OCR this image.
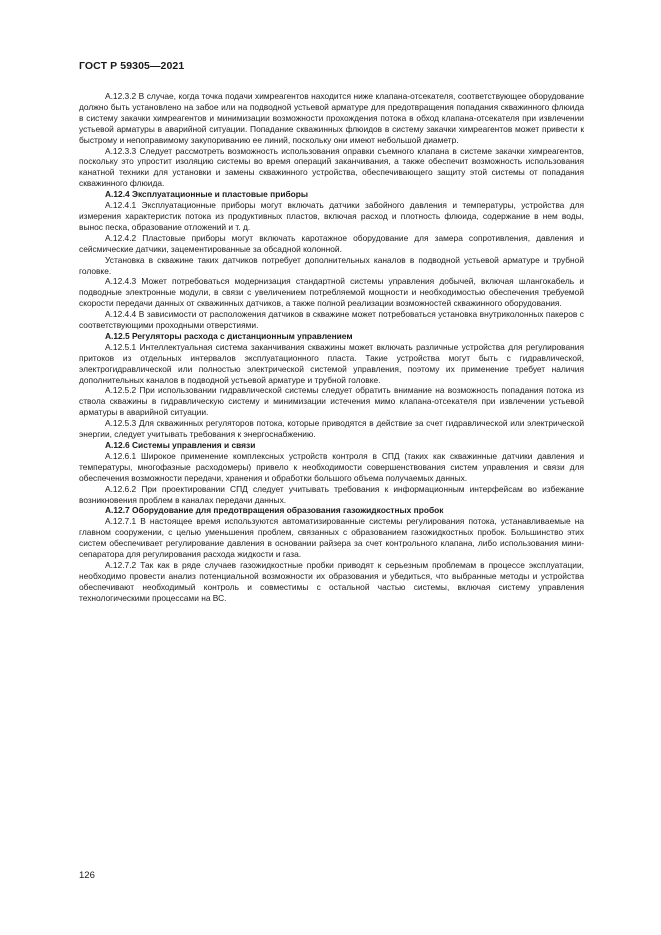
ГОСТ Р 59305—2021

А.12.3.2 В случае, когда точка подачи химреагентов находится ниже клапана-отсекателя, соответствующее оборудование должно быть установлено на забое или на подводной устьевой арматуре для предотвращения попадания скважинного флюида в систему закачки химреагентов и минимизации возможности прохождения потока в обход клапана-отсекателя при извлечении устьевой арматуры в аварийной ситуации. Попадание скважинных флюидов в систему закачки химреагентов может привести к быстрому и непоправимому закупориванию ее линий, поскольку они имеют небольшой диаметр.

А.12.3.3 Следует рассмотреть возможность использования оправки съемного клапана в системе закачки химреагентов, поскольку это упростит изоляцию системы во время операций заканчивания, а также обеспечит возможность использования канатной техники для установки и замены скважинного устройства, обеспечивающего защиту этой системы от попадания скважинного флюида.

А.12.4 Эксплуатационные и пластовые приборы

А.12.4.1 Эксплуатационные приборы могут включать датчики забойного давления и температуры, устройства для измерения характеристик потока из продуктивных пластов, включая расход и плотность флюида, содержание в нем воды, вынос песка, образование отложений и т. д.

А.12.4.2 Пластовые приборы могут включать каротажное оборудование для замера сопротивления, давления и сейсмические датчики, зацементированные за обсадной колонной.

Установка в скважине таких датчиков потребует дополнительных каналов в подводной устьевой арматуре и трубной головке.

А.12.4.3 Может потребоваться модернизация стандартной системы управления добычей, включая шлангокабель и подводные электронные модули, в связи с увеличением потребляемой мощности и необходимостью обеспечения требуемой скорости передачи данных от скважинных датчиков, а также полной реализации возможностей скважинного оборудования.

А.12.4.4 В зависимости от расположения датчиков в скважине может потребоваться установка внутриколонных пакеров с соответствующими проходными отверстиями.

А.12.5 Регуляторы расхода с дистанционным управлением

А.12.5.1 Интеллектуальная система заканчивания скважины может включать различные устройства для регулирования притоков из отдельных интервалов эксплуатационного пласта. Такие устройства могут быть с гидравлической, электрогидравлической или полностью электрической системой управления, поэтому их применение требует наличия дополнительных каналов в подводной устьевой арматуре и трубной головке.

А.12.5.2 При использовании гидравлической системы следует обратить внимание на возможность попадания потока из ствола скважины в гидравлическую систему и минимизации истечения мимо клапана-отсекателя при извлечении устьевой арматуры в аварийной ситуации.

А.12.5.3 Для скважинных регуляторов потока, которые приводятся в действие за счет гидравлической или электрической энергии, следует учитывать требования к энергоснабжению.

А.12.6 Системы управления и связи

А.12.6.1 Широкое применение комплексных устройств контроля в СПД (таких как скважинные датчики давления и температуры, многофазные расходомеры) привело к необходимости совершенствования систем управления и связи для обеспечения возможности передачи, хранения и обработки большого объема получаемых данных.

А.12.6.2 При проектировании СПД следует учитывать требования к информационным интерфейсам во избежание возникновения проблем в каналах передачи данных.

А.12.7 Оборудование для предотвращения образования газожидкостных пробок

А.12.7.1 В настоящее время используются автоматизированные системы регулирования потока, устанавливаемые на главном сооружении, с целью уменьшения проблем, связанных с образованием газожидкостных пробок. Большинство этих систем обеспечивает регулирование давления в основании райзера за счет контрольного клапана, либо использования мини-сепаратора для регулирования расхода жидкости и газа.

А.12.7.2 Так как в ряде случаев газожидкостные пробки приводят к серьезным проблемам в процессе эксплуатации, необходимо провести анализ потенциальной возможности их образования и убедиться, что выбранные методы и устройства обеспечивают необходимый контроль и совместимы с остальной частью системы, включая систему управления технологическими процессами на ВС.

126
